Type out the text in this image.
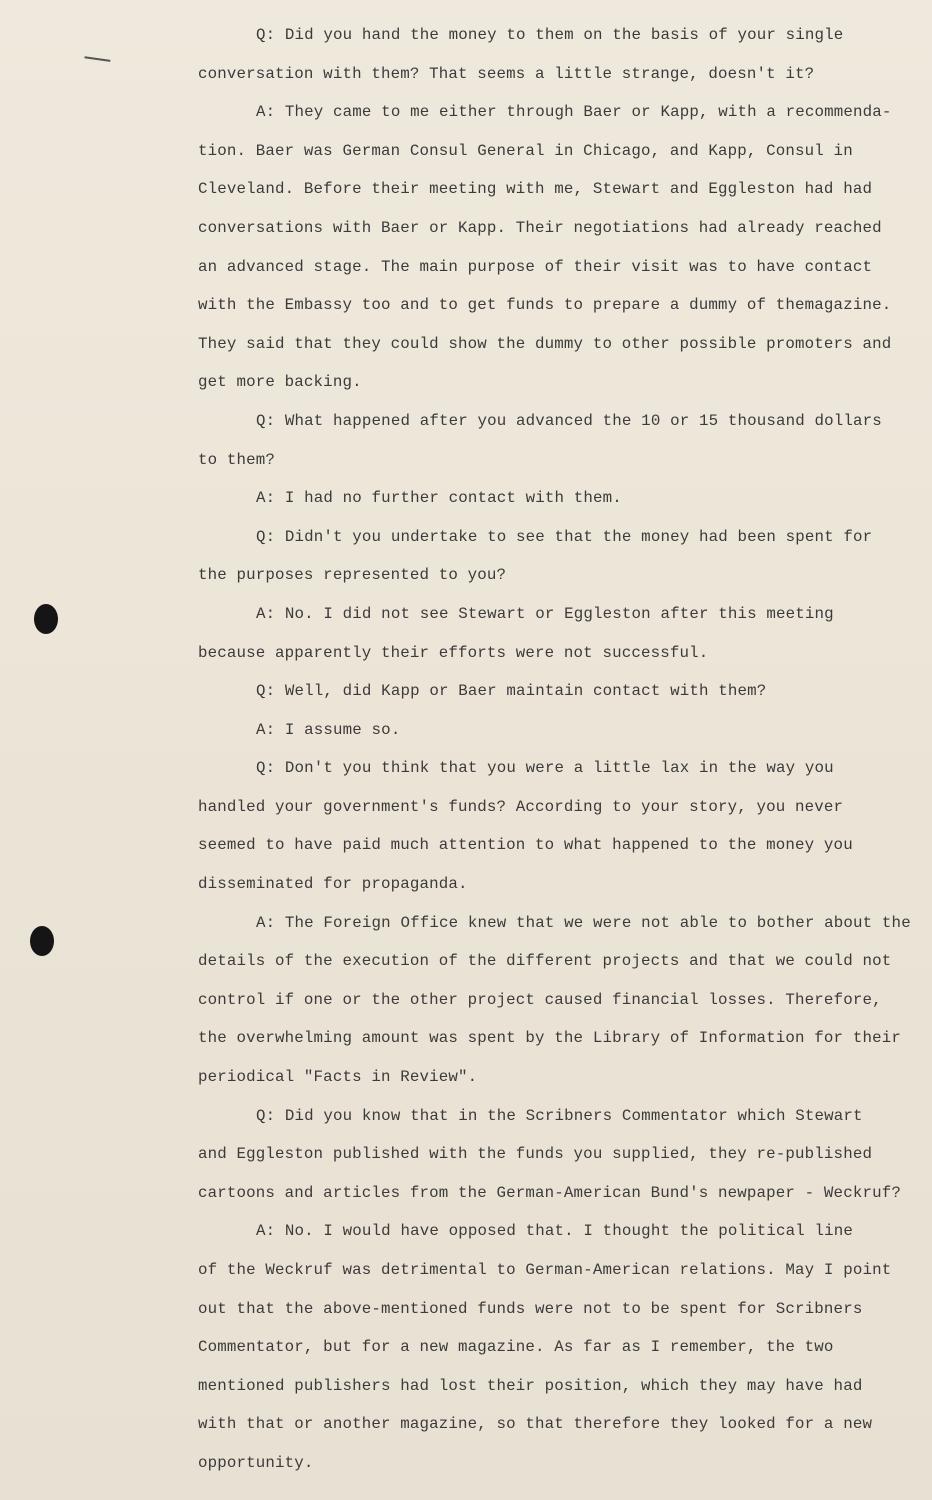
Q: Did you hand the money to them on the basis of your single
conversation with them? That seems a little strange, doesn't it?
A: They came to me either through Baer or Kapp, with a recommenda-
tion. Baer was German Consul General in Chicago, and Kapp, Consul in
Cleveland. Before their meeting with me, Stewart and Eggleston had had
conversations with Baer or Kapp. Their negotiations had already reached
an advanced stage. The main purpose of their visit was to have contact
with the Embassy too and to get funds to prepare a dummy of themagazine.
They said that they could show the dummy to other possible promoters and
get more backing.
Q: What happened after you advanced the 10 or 15 thousand dollars
to them?
A: I had no further contact with them.
Q: Didn't you undertake to see that the money had been spent for
the purposes represented to you?
A: No. I did not see Stewart or Eggleston after this meeting
because apparently their efforts were not successful.
Q: Well, did Kapp or Baer maintain contact with them?
A: I assume so.
Q: Don't you think that you were a little lax in the way you
handled your government's funds? According to your story, you never
seemed to have paid much attention to what happened to the money you
disseminated for propaganda.
A: The Foreign Office knew that we were not able to bother about the
details of the execution of the different projects and that we could not
control if one or the other project caused financial losses. Therefore,
the overwhelming amount was spent by the Library of Information for their
periodical "Facts in Review".
Q: Did you know that in the Scribners Commentator which Stewart
and Eggleston published with the funds you supplied, they re-published
cartoons and articles from the German-American Bund's newpaper - Weckruf?
A: No. I would have opposed that. I thought the political line
of the Weckruf was detrimental to German-American relations. May I point
out that the above-mentioned funds were not to be spent for Scribners
Commentator, but for a new magazine. As far as I remember, the two
mentioned publishers had lost their position, which they may have had
with that or another magazine, so that therefore they looked for a new
opportunity.
